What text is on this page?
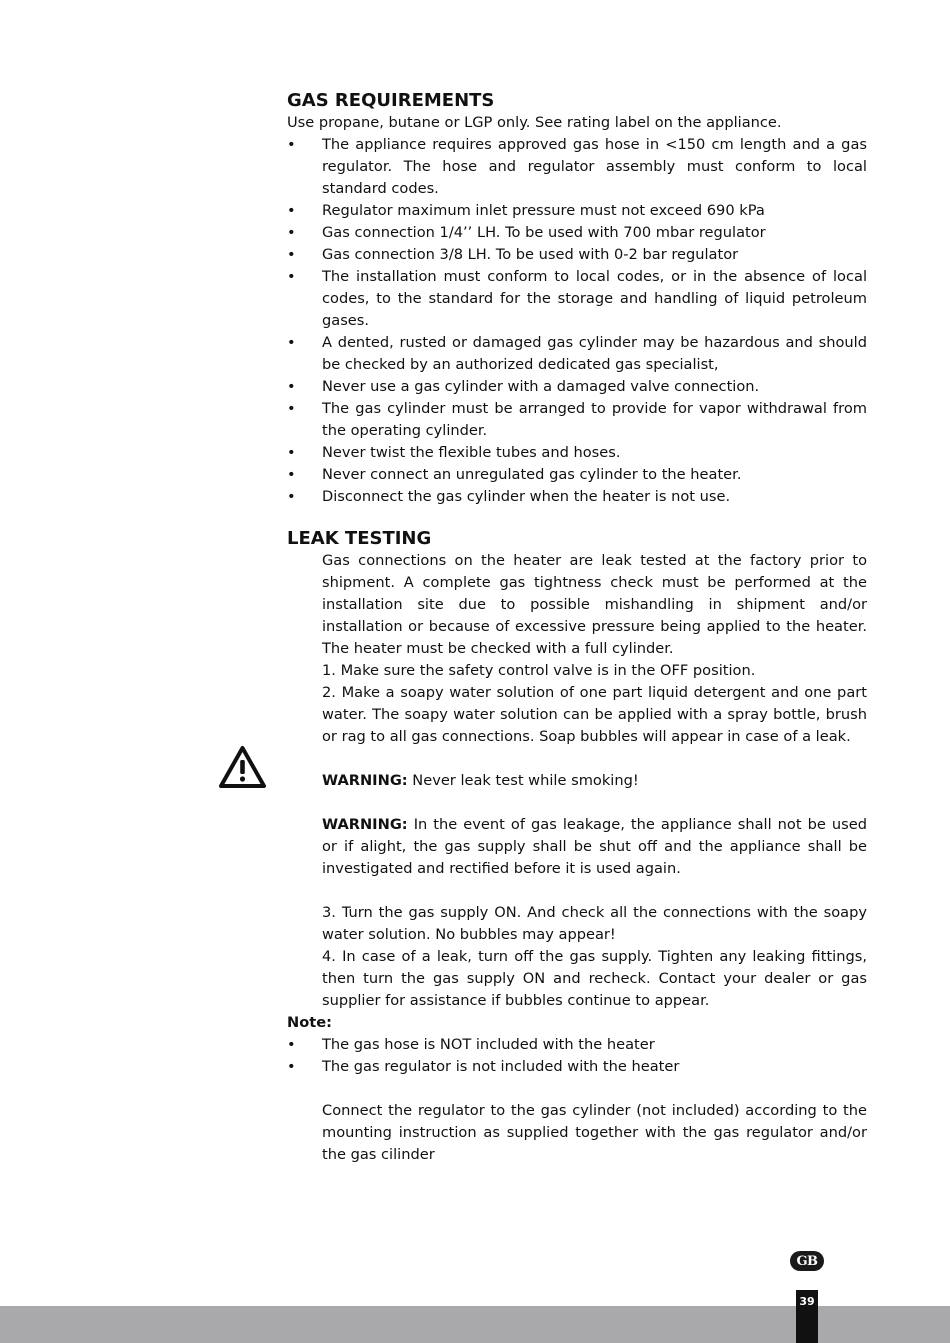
GAS REQUIREMENTS

Use propane, butane or LGP only. See rating label on the appliance.

• The appliance requires approved gas hose in <150 cm length and a gas regulator. The hose and regulator assembly must conform to local standard codes.
• Regulator maximum inlet pressure must not exceed 690 kPa
• Gas connection 1/4’’ LH. To be used with 700 mbar regulator
• Gas connection 3/8 LH. To be used with 0-2 bar regulator
• The installation must conform to local codes, or in the absence of local codes, to the standard for the storage and handling of liquid petroleum gases.
• A dented, rusted or damaged gas cylinder may be hazardous and should be checked by an authorized dedicated gas specialist,
• Never use a gas cylinder with a damaged valve connection.
• The gas cylinder must be arranged to provide for vapor withdrawal from the operating cylinder.
• Never twist the flexible tubes and hoses.
• Never connect an unregulated gas cylinder to the heater.
• Disconnect the gas cylinder when the heater is not use.
LEAK TESTING

Gas connections on the heater are leak tested at the factory prior to shipment. A complete gas tightness check must be performed at the installation site due to possible mishandling in shipment and/or installation or because of excessive pressure being applied to the heater. The heater must be checked with a full cylinder.

1. Make sure the safety control valve is in the OFF position.

2. Make a soapy water solution of one part liquid detergent and one part water. The soapy water solution can be applied with a spray bottle, brush or rag to all gas connections. Soap bubbles will appear in case of a leak.

WARNING: Never leak test while smoking!

WARNING: In the event of gas leakage, the appliance shall not be used or if alight, the gas supply shall be shut off and the appliance shall be investigated and rectified before it is used again.

3. Turn the gas supply ON. And check all the connections with the soapy water solution. No bubbles may appear!

4. In case of a leak, turn off the gas supply. Tighten any leaking fittings, then turn the gas supply ON and recheck. Contact your dealer or gas supplier for assistance if bubbles continue to appear.

Note:

• The gas hose is NOT included with the heater
• The gas regulator is not included with the heater

Connect the regulator to the gas cylinder (not included) according to the mounting instruction as supplied together with the gas regulator and/or the gas cilinder

GB
39
